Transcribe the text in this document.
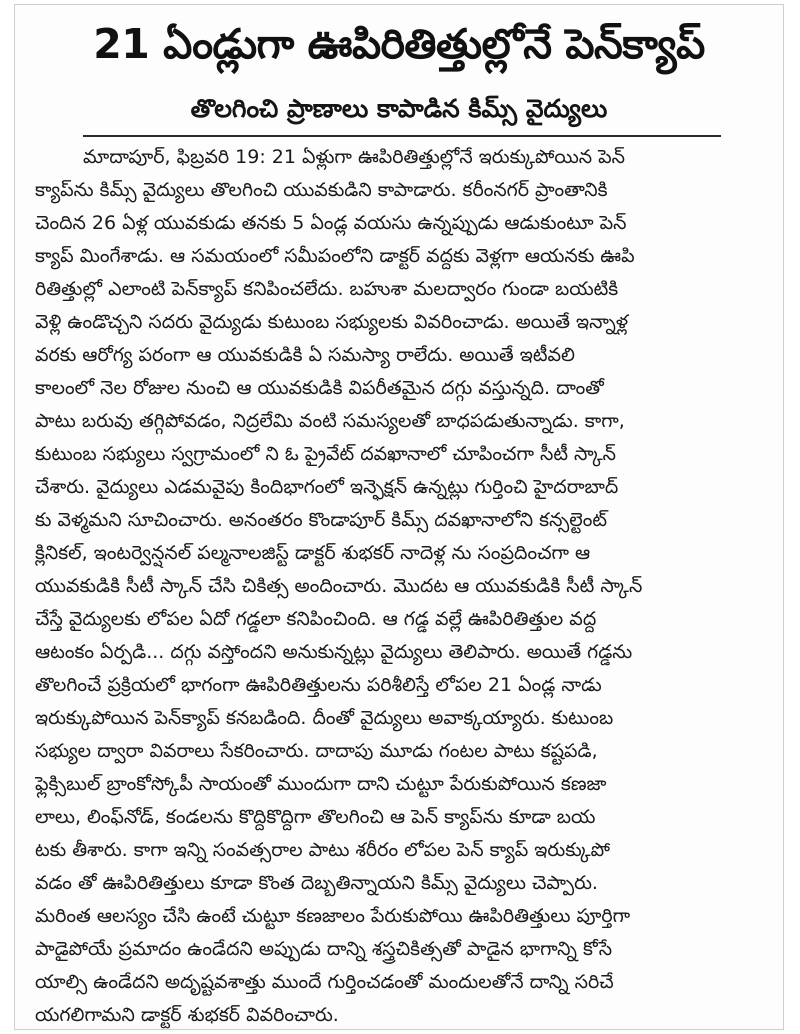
21 ఏండ్లుగా ఊపిరితిత్తుల్లోనే పెన్‌క్యాప్
తొలగించి ప్రాణాలు కాపాడిన కిమ్స్ వైద్యులు
మాదాపూర్, ఫిబ్రవరి 19: 21 ఏళ్లుగా ఊపిరితిత్తుల్లోనే ఇరుక్కుపోయిన పెన్
క్యాప్‌ను కిమ్స్ వైద్యులు తొలగించి యువకుడిని కాపాడారు. కరీంనగర్ ప్రాంతానికి
చెందిన 26 ఏళ్ల యువకుడు తనకు 5 ఏండ్ల వయసు ఉన్నప్పుడు ఆడుకుంటూ పెన్
క్యాప్ మింగేశాడు. ఆ సమయంలో సమీపంలోని డాక్టర్ వద్దకు వెళ్లగా ఆయనకు ఊపి
రితిత్తుల్లో ఎలాంటి పెన్‌క్యాప్ కనిపించలేదు. బహుశా మలద్వారం గుండా బయటికి
వెళ్లి ఉండొచ్చని సదరు వైద్యుడు కుటుంబ సభ్యులకు వివరించాడు. అయితే ఇన్నాళ్ల
వరకు ఆరోగ్య పరంగా ఆ యువకుడికి ఏ సమస్యా రాలేదు. అయితే ఇటీవలి
కాలంలో నెల రోజుల నుంచి ఆ యువకుడికి విపరీతమైన దగ్గు వస్తున్నది. దాంతో
పాటు బరువు తగ్గిపోవడం, నిద్రలేమి వంటి సమస్యలతో బాధపడుతున్నాడు. కాగా,
కుటుంబ సభ్యులు స్వగ్రామంలో ని ఓ ప్రైవేట్ దవఖానాలో చూపించగా సీటీ స్కాన్
చేశారు. వైద్యులు ఎడమవైపు కిందిభాగంలో ఇన్ఫెక్షన్ ఉన్నట్లు గుర్తించి హైదరాబాద్
కు వెళ్మమని సూచించారు. అనంతరం కొండాపూర్ కిమ్స్ దవఖానాలోని కన్సల్టెంట్
క్లినికల్, ఇంటర్వెన్షనల్ పల్మనాలజిస్ట్ డాక్టర్ శుభకర్ నాదెళ్ల ను సంప్రదించగా ఆ
యువకుడికి సీటీ స్కాన్ చేసి చికిత్స అందించారు. మొదట ఆ యువకుడికి సీటీ స్కాన్
చేస్తే వైద్యులకు లోపల ఏదో గడ్డలా కనిపించింది. ఆ గడ్డ వల్లే ఊపిరితిత్తుల వద్ద
ఆటంకం ఏర్పడి... దగ్గు వస్తోందని అనుకున్నట్లు వైద్యులు తెలిపారు. అయితే గడ్డను
తొలగించే ప్రక్రియలో భాగంగా ఊపిరితిత్తులను పరిశీలిస్తే లోపల 21 ఏండ్ల నాడు
ఇరుక్కుపోయిన పెన్‌క్యాప్ కనబడింది. దీంతో వైద్యులు అవాక్కయ్యారు. కుటుంబ
సభ్యుల ద్వారా వివరాలు సేకరించారు. దాదాపు మూడు గంటల పాటు కష్టపడి,
ఫ్లెక్సిబుల్ బ్రాంకోస్కోపీ సాయంతో ముందుగా దాని చుట్టూ పేరుకుపోయిన కణజా
లాలు, లింఫ్‌నోడ్, కండలను కొద్దికొద్దిగా తొలగించి ఆ పెన్ క్యాప్‌ను కూడా బయ
టకు తీశారు. కాగా ఇన్ని సంవత్సరాల పాటు శరీరం లోపల పెన్ క్యాప్ ఇరుక్కుపో
వడం తో ఊపిరితిత్తులు కూడా కొంత దెబ్బతిన్నాయని కిమ్స్ వైద్యులు చెప్పారు.
మరింత ఆలస్యం చేసి ఉంటే చుట్టూ కణజాలం పేరుకుపోయి ఊపిరితిత్తులు పూర్తిగా
పాడైపోయే ప్రమాదం ఉండేదని అప్పుడు దాన్ని శస్త్రచికిత్సతో పాడైన భాగాన్ని కోసే
యాల్సి ఉండేదని అదృష్టవశాత్తు ముందే గుర్తించడంతో మందులతోనే దాన్ని సరిచే
యగలిగామని డాక్టర్ శుభకర్ వివరించారు.
